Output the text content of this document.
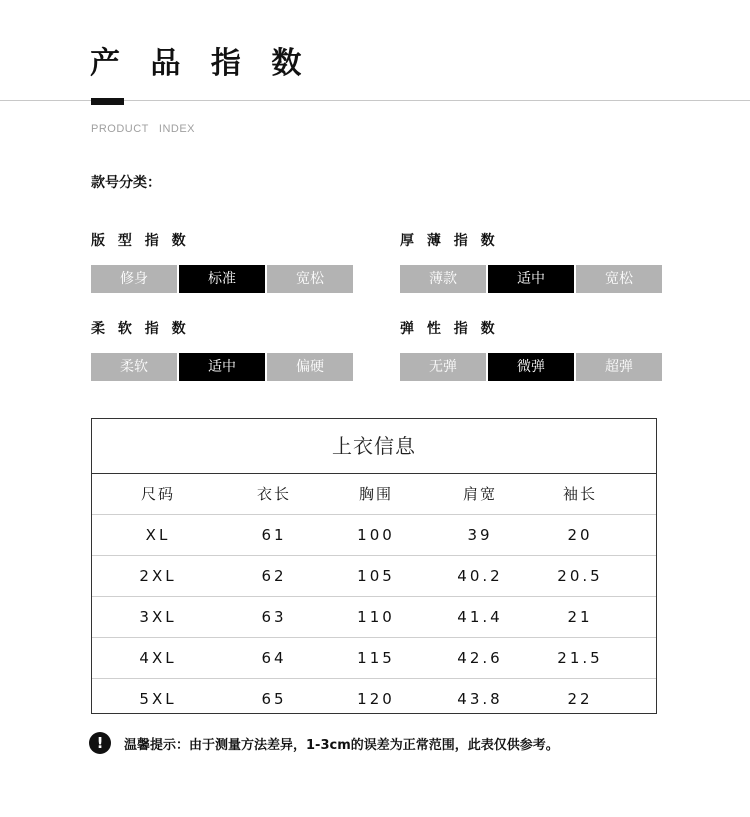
产 品 指 数
PRODUCT INDEX
款号分类：
版 型 指 数
修身	标准	宽松
厚 薄 指 数
薄款	适中	宽松
柔 软 指 数
柔软	适中	偏硬
弹 性 指 数
无弹	微弹	超弹
上衣信息
尺码	衣长	胸围	肩宽	袖长
XL	61	100	39	20
2XL	62	105	40.2	20.5
3XL	63	110	41.4	21
4XL	64	115	42.6	21.5
5XL	65	120	43.8	22
!	温馨提示：由于测量方法差异，1-3cm的误差为正常范围，此表仅供参考。
